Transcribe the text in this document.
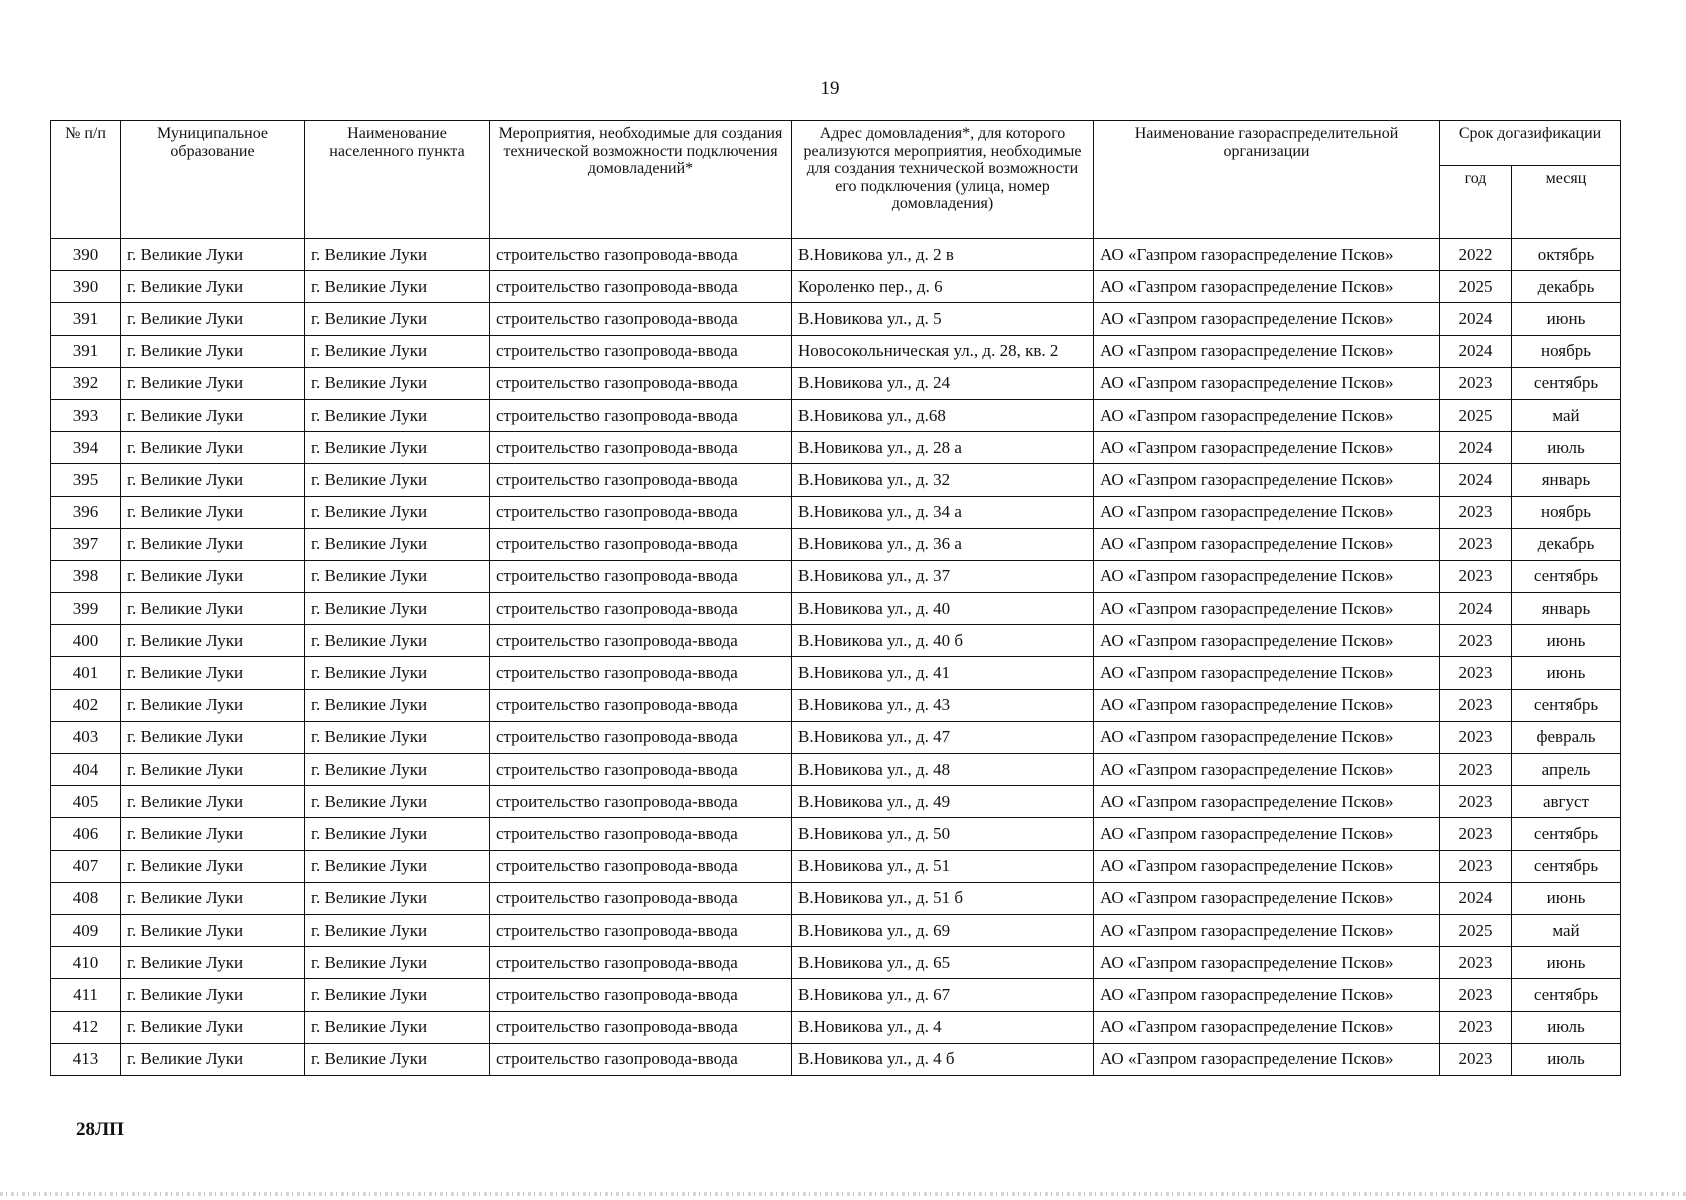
19
№ п/п	Муниципальное образование	Наименование населенного пункта	Мероприятия, необходимые для создания технической возможности подключения домовладений*	Адрес домовладения*, для которого реализуются мероприятия, необходимые для создания технической возможности его подключения (улица, номер домовладения)	Наименование газораспределительной организации	Срок догазификации	
						год	месяц
390	г. Великие Луки	г. Великие Луки	строительство газопровода-ввода	В.Новикова ул., д. 2 в	АО «Газпром газораспределение Псков»	2022	октябрь
390	г. Великие Луки	г. Великие Луки	строительство газопровода-ввода	Короленко пер., д. 6	АО «Газпром газораспределение Псков»	2025	декабрь
391	г. Великие Луки	г. Великие Луки	строительство газопровода-ввода	В.Новикова ул., д. 5	АО «Газпром газораспределение Псков»	2024	июнь
391	г. Великие Луки	г. Великие Луки	строительство газопровода-ввода	Новосокольническая ул., д. 28, кв. 2	АО «Газпром газораспределение Псков»	2024	ноябрь
392	г. Великие Луки	г. Великие Луки	строительство газопровода-ввода	В.Новикова ул., д. 24	АО «Газпром газораспределение Псков»	2023	сентябрь
393	г. Великие Луки	г. Великие Луки	строительство газопровода-ввода	В.Новикова ул., д.68	АО «Газпром газораспределение Псков»	2025	май
394	г. Великие Луки	г. Великие Луки	строительство газопровода-ввода	В.Новикова ул., д. 28 а	АО «Газпром газораспределение Псков»	2024	июль
395	г. Великие Луки	г. Великие Луки	строительство газопровода-ввода	В.Новикова ул., д. 32	АО «Газпром газораспределение Псков»	2024	январь
396	г. Великие Луки	г. Великие Луки	строительство газопровода-ввода	В.Новикова ул., д. 34 а	АО «Газпром газораспределение Псков»	2023	ноябрь
397	г. Великие Луки	г. Великие Луки	строительство газопровода-ввода	В.Новикова ул., д. 36 а	АО «Газпром газораспределение Псков»	2023	декабрь
398	г. Великие Луки	г. Великие Луки	строительство газопровода-ввода	В.Новикова ул., д. 37	АО «Газпром газораспределение Псков»	2023	сентябрь
399	г. Великие Луки	г. Великие Луки	строительство газопровода-ввода	В.Новикова ул., д. 40	АО «Газпром газораспределение Псков»	2024	январь
400	г. Великие Луки	г. Великие Луки	строительство газопровода-ввода	В.Новикова ул., д. 40 б	АО «Газпром газораспределение Псков»	2023	июнь
401	г. Великие Луки	г. Великие Луки	строительство газопровода-ввода	В.Новикова ул., д. 41	АО «Газпром газораспределение Псков»	2023	июнь
402	г. Великие Луки	г. Великие Луки	строительство газопровода-ввода	В.Новикова ул., д. 43	АО «Газпром газораспределение Псков»	2023	сентябрь
403	г. Великие Луки	г. Великие Луки	строительство газопровода-ввода	В.Новикова ул., д. 47	АО «Газпром газораспределение Псков»	2023	февраль
404	г. Великие Луки	г. Великие Луки	строительство газопровода-ввода	В.Новикова ул., д. 48	АО «Газпром газораспределение Псков»	2023	апрель
405	г. Великие Луки	г. Великие Луки	строительство газопровода-ввода	В.Новикова ул., д. 49	АО «Газпром газораспределение Псков»	2023	август
406	г. Великие Луки	г. Великие Луки	строительство газопровода-ввода	В.Новикова ул., д. 50	АО «Газпром газораспределение Псков»	2023	сентябрь
407	г. Великие Луки	г. Великие Луки	строительство газопровода-ввода	В.Новикова ул., д. 51	АО «Газпром газораспределение Псков»	2023	сентябрь
408	г. Великие Луки	г. Великие Луки	строительство газопровода-ввода	В.Новикова ул., д. 51 б	АО «Газпром газораспределение Псков»	2024	июнь
409	г. Великие Луки	г. Великие Луки	строительство газопровода-ввода	В.Новикова ул., д. 69	АО «Газпром газораспределение Псков»	2025	май
410	г. Великие Луки	г. Великие Луки	строительство газопровода-ввода	В.Новикова ул., д. 65	АО «Газпром газораспределение Псков»	2023	июнь
411	г. Великие Луки	г. Великие Луки	строительство газопровода-ввода	В.Новикова ул., д. 67	АО «Газпром газораспределение Псков»	2023	сентябрь
412	г. Великие Луки	г. Великие Луки	строительство газопровода-ввода	В.Новикова ул., д. 4	АО «Газпром газораспределение Псков»	2023	июль
413	г. Великие Луки	г. Великие Луки	строительство газопровода-ввода	В.Новикова ул., д. 4 б	АО «Газпром газораспределение Псков»	2023	июль
28ЛП
